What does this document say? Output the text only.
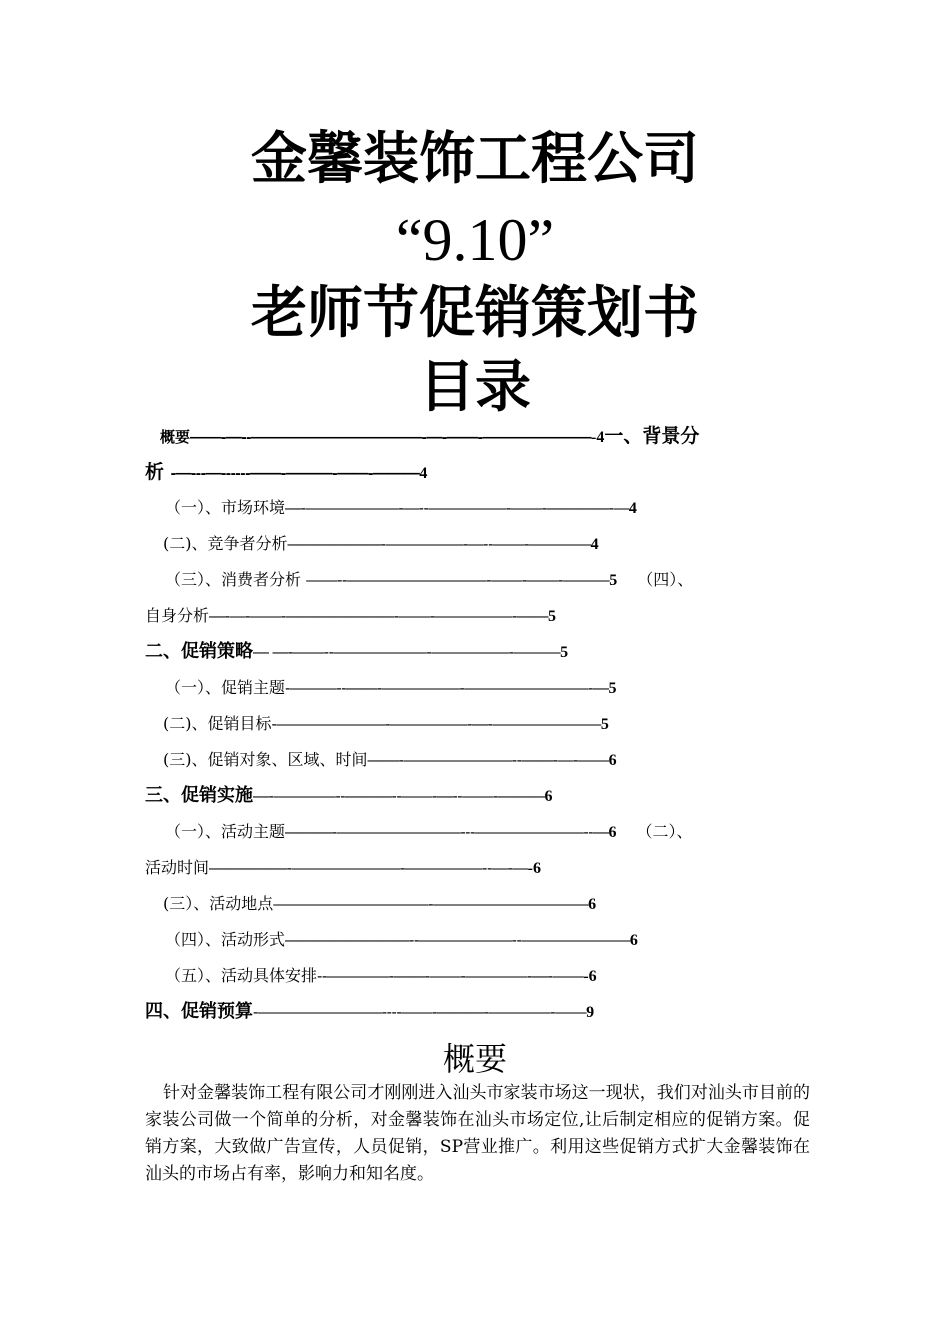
金馨装饰工程公司
“9.10”
老师节促销策划书
目录
概要——-—--———————————-—-——-———————-4一、背景分
析 -—---—------——-———-——-———4
（一）、市场环境—-——————-—--—————-——-————-—4
(二)、竞争者分析——————-—————-—--——-————4
（三）、消费者分析 ——--—————————-——-——-———5 （四）、
自身分析—-—-——-———————-——-—————-——5
二、促销策略— —-——--——————-—————-———5
（一）、促销主题-———--——-—————-————————-—5
(二)、促销目标-———————-—————-—-———————5
(三)、促销对象、区域、时间——-———————--——-—-——6
三、促销实施—-————--———--——-—--——-———6
（一）、活动主题———-————————---———————--—6 （二）、
活动时间—————-———————-—————--—-—-6
(三）、活动地点——————————-——————————6
（四）、活动形式————————--——————--———————6
（五）、活动具体安排--————-——-——-————-—-——-6
四、促销预算-————————----——-———-————-——9
概要
针对金馨装饰工程有限公司才刚刚进入汕头市家装市场这一现状，我们对汕头市目前的家装公司做一个简单的分析，对金馨装饰在汕头市场定位,让后制定相应的促销方案。促销方案，大致做广告宣传，人员促销，SP营业推广。利用这些促销方式扩大金馨装饰在汕头的市场占有率，影响力和知名度。
